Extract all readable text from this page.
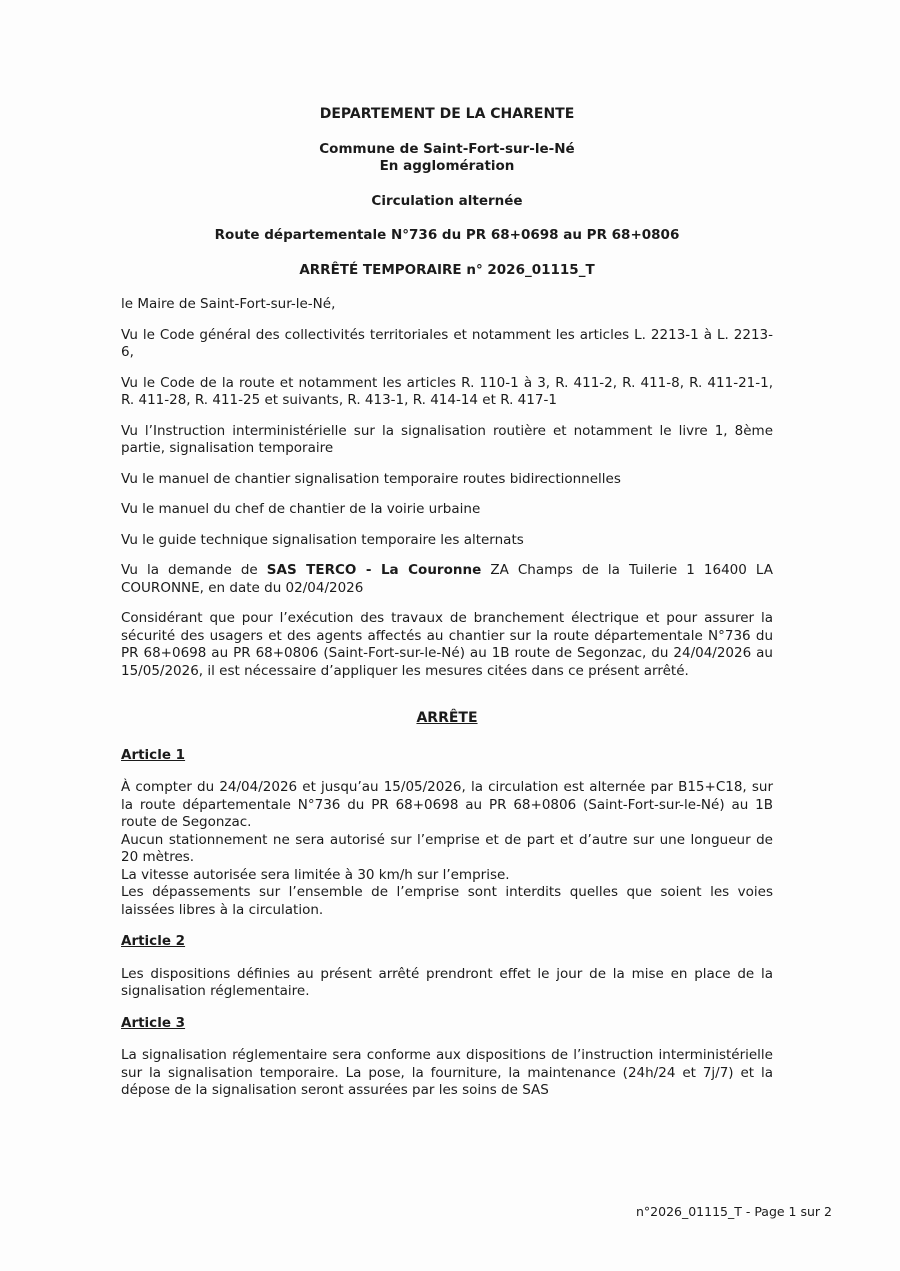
DEPARTEMENT DE LA CHARENTE
Commune de Saint-Fort-sur-le-Né
En agglomération
Circulation alternée
Route départementale N°736 du PR 68+0698 au PR 68+0806
ARRÊTÉ TEMPORAIRE n° 2026_01115_T

le Maire de Saint-Fort-sur-le-Né,

Vu le Code général des collectivités territoriales et notamment les articles L. 2213-1 à L. 2213-6,

Vu le Code de la route et notamment les articles R. 110-1 à 3, R. 411-2, R. 411-8, R. 411-21-1, R. 411-28, R. 411-25 et suivants, R. 413-1, R. 414-14 et R. 417-1

Vu l’Instruction interministérielle sur la signalisation routière et notamment le livre 1, 8ème partie, signalisation temporaire

Vu le manuel de chantier signalisation temporaire routes bidirectionnelles

Vu le manuel du chef de chantier de la voirie urbaine

Vu le guide technique signalisation temporaire les alternats

Vu la demande de SAS TERCO - La Couronne ZA Champs de la Tuilerie 1 16400 LA COURONNE, en date du 02/04/2026

Considérant que pour l’exécution des travaux de branchement électrique et pour assurer la sécurité des usagers et des agents affectés au chantier sur la route départementale N°736 du PR 68+0698 au PR 68+0806 (Saint-Fort-sur-le-Né) au 1B route de Segonzac, du 24/04/2026 au 15/05/2026, il est nécessaire d’appliquer les mesures citées dans ce présent arrêté.

ARRÊTE
Article 1

À compter du 24/04/2026 et jusqu’au 15/05/2026, la circulation est alternée par B15+C18, sur la route départementale N°736 du PR 68+0698 au PR 68+0806 (Saint-Fort-sur-le-Né) au 1B route de Segonzac.

Aucun stationnement ne sera autorisé sur l’emprise et de part et d’autre sur une longueur de 20 mètres.

La vitesse autorisée sera limitée à 30 km/h sur l’emprise.

Les dépassements sur l’ensemble de l’emprise sont interdits quelles que soient les voies laissées libres à la circulation.

Article 2

Les dispositions définies au présent arrêté prendront effet le jour de la mise en place de la signalisation réglementaire.

Article 3

La signalisation réglementaire sera conforme aux dispositions de l’instruction interministérielle sur la signalisation temporaire. La pose, la fourniture, la maintenance (24h/24 et 7j/7) et la dépose de la signalisation seront assurées par les soins de SAS

n°2026_01115_T - Page 1 sur 2
